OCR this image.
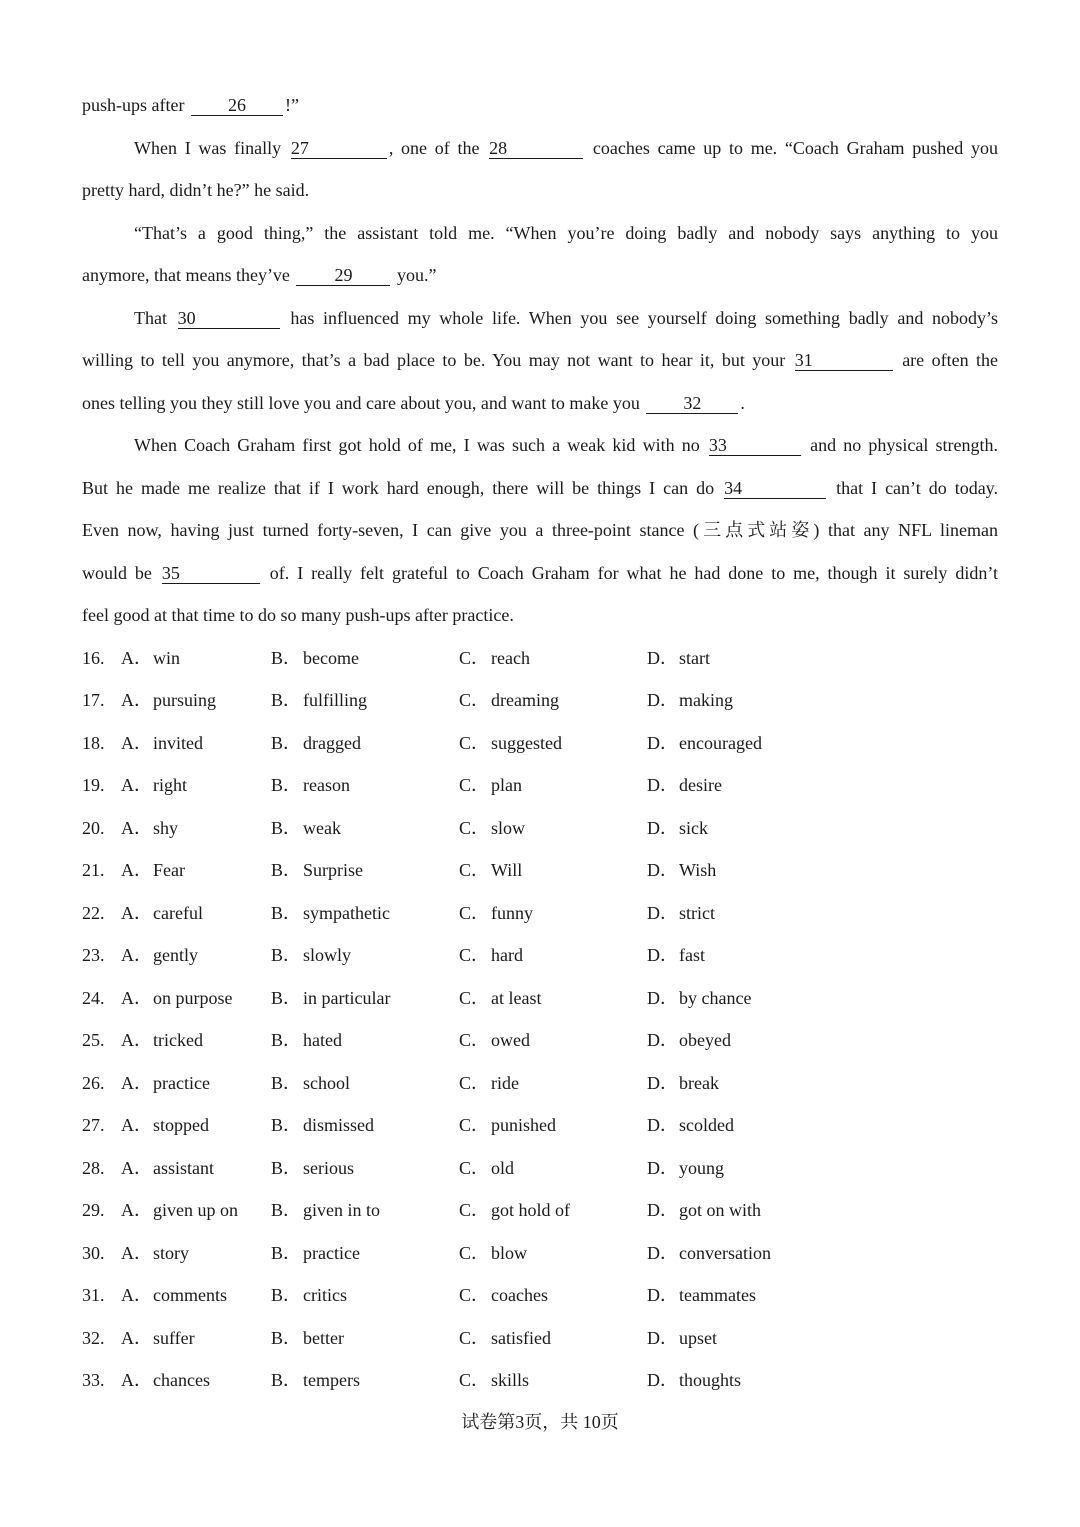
push-ups after 26 !”
When I was finally 27	, one of the 28	coaches came up to me. “Coach Graham pushed you
pretty hard, didn’t he?” he said.
“That’s a good thing,” the assistant told me. “When you’re doing badly and nobody says anything to you
anymore, that means they’ve 29 you.”
That 30	has influenced my whole life. When you see yourself doing something badly and nobody’s
willing to tell you anymore, that’s a bad place to be. You may not want to hear it, but your 31	are often the
ones telling you they still love you and care about you, and want to make you 32 .
When Coach Graham first got hold of me, I was such a weak kid with no 33	and no physical strength.
But he made me realize that if I work hard enough, there will be things I can do 34	that I can’t do today.
Even now, having just turned forty-seven, I can give you a three-point stance (三点式站姿) that any NFL lineman
would be 35	of. I really felt grateful to Coach Graham for what he had done to me, though it surely didn’t
feel good at that time to do so many push-ups after practice.
16. A．win	B． become	C． reach	D．start
17. A．pursuing	B． fulfilling	C． dreaming	D．making
18. A．invited	B． dragged	C． suggested	D．encouraged
19. A．right	B． reason	C． plan	D．desire
20. A．shy	B． weak	C． slow	D．sick
21. A．Fear	B． Surprise	C． Will	D．Wish
22. A．careful	B． sympathetic	C． funny	D．strict
23. A．gently	B． slowly	C． hard	D．fast
24. A．on purpose B． in particular	C． at least	D．by chance
25. A．tricked	B． hated	C． owed	D．obeyed
26. A．practice	B． school	C． ride	D．break
27. A．stopped	B． dismissed	C． punished	D．scolded
28. A．assistant	B． serious	C． old	D．young
29. A．given up on B． given in to	C． got hold of	D．got on with
30. A．story	B． practice	C． blow	D．conversation
31. A．comments B． critics	C． coaches	D．teammates
32. A．suffer	B． better	C． satisfied	D．upset
33. A．chances	B． tempers	C． skills	D．thoughts
试卷第3页，共 10页
